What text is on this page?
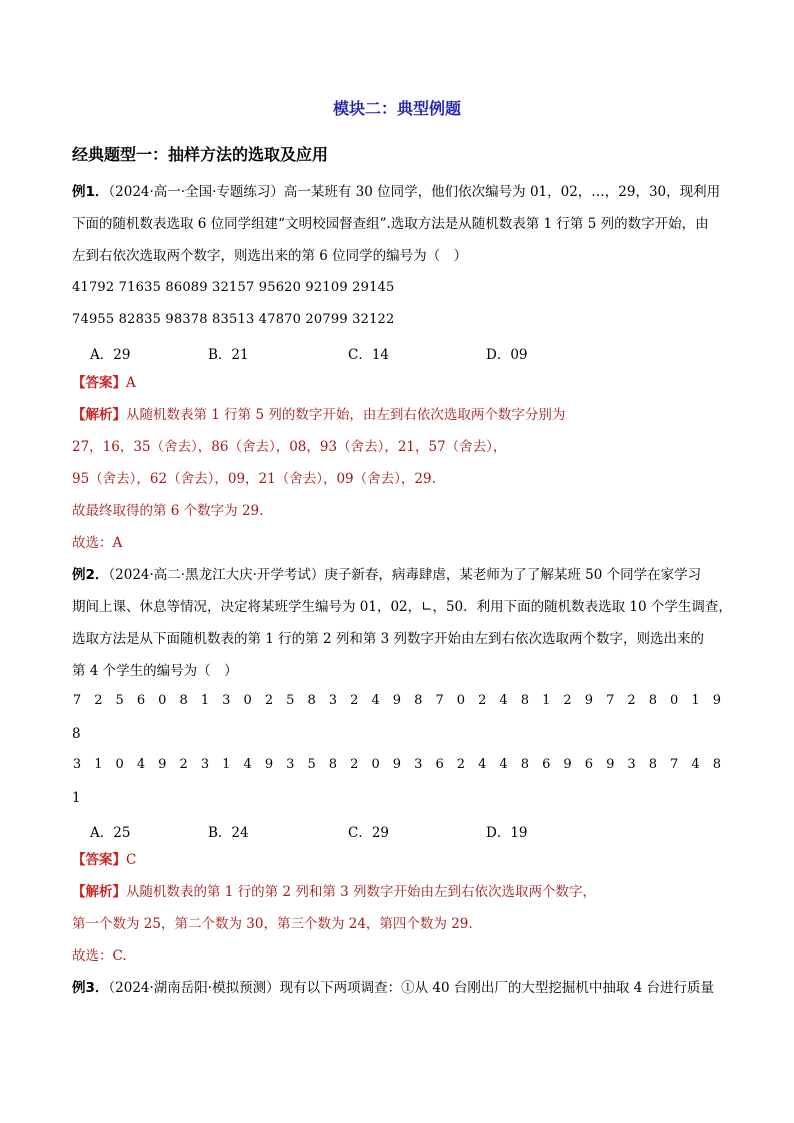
模块二：典型例题
经典题型一：抽样方法的选取及应用
例1．（2024·高一·全国·专题练习）高一某班有 30 位同学，他们依次编号为 01，02，…，29，30，现利用
下面的随机数表选取 6 位同学组建“文明校园督查组”.选取方法是从随机数表第 1 行第 5 列的数字开始，由
左到右依次选取两个数字，则选出来的第 6 位同学的编号为（　）
41792 71635 86089 32157 95620 92109 29145
74955 82835 98378 83513 47870 20799 32122
A．29	B．21	C．14	D．09
【答案】A
【解析】从随机数表第 1 行第 5 列的数字开始，由左到右依次选取两个数字分别为
27，16，35（舍去），86（舍去），08，93（舍去），21，57（舍去），
95（舍去），62（舍去），09，21（舍去），09（舍去），29.
故最终取得的第 6 个数字为 29.
故选：A
例2．（2024·高二·黑龙江大庆·开学考试）庚子新春，病毒肆虐，某老师为了了解某班 50 个同学在家学习
期间上课、休息等情况，决定将某班学生编号为 01，02，∟，50．利用下面的随机数表选取 10 个学生调查，
选取方法是从下面随机数表的第 1 行的第 2 列和第 3 列数字开始由左到右依次选取两个数字，则选出来的
第 4 个学生的编号为（　）
7 2 5 6 0 8 1 3 0 2 5 8 3 2 4 9 8 7 0 2 4 8 1 2 9 7 2 8 0 1 9
8
3 1 0 4 9 2 3 1 4 9 3 5 8 2 0 9 3 6 2 4 4 8 6 9 6 9 3 8 7 4 8
1
A．25	B．24	C．29	D．19
【答案】C
【解析】从随机数表的第 1 行的第 2 列和第 3 列数字开始由左到右依次选取两个数字，
第一个数为 25，第二个数为 30，第三个数为 24，第四个数为 29.
故选：C.
例3．（2024·湖南岳阳·模拟预测）现有以下两项调查：①从 40 台刚出厂的大型挖掘机中抽取 4 台进行质量
